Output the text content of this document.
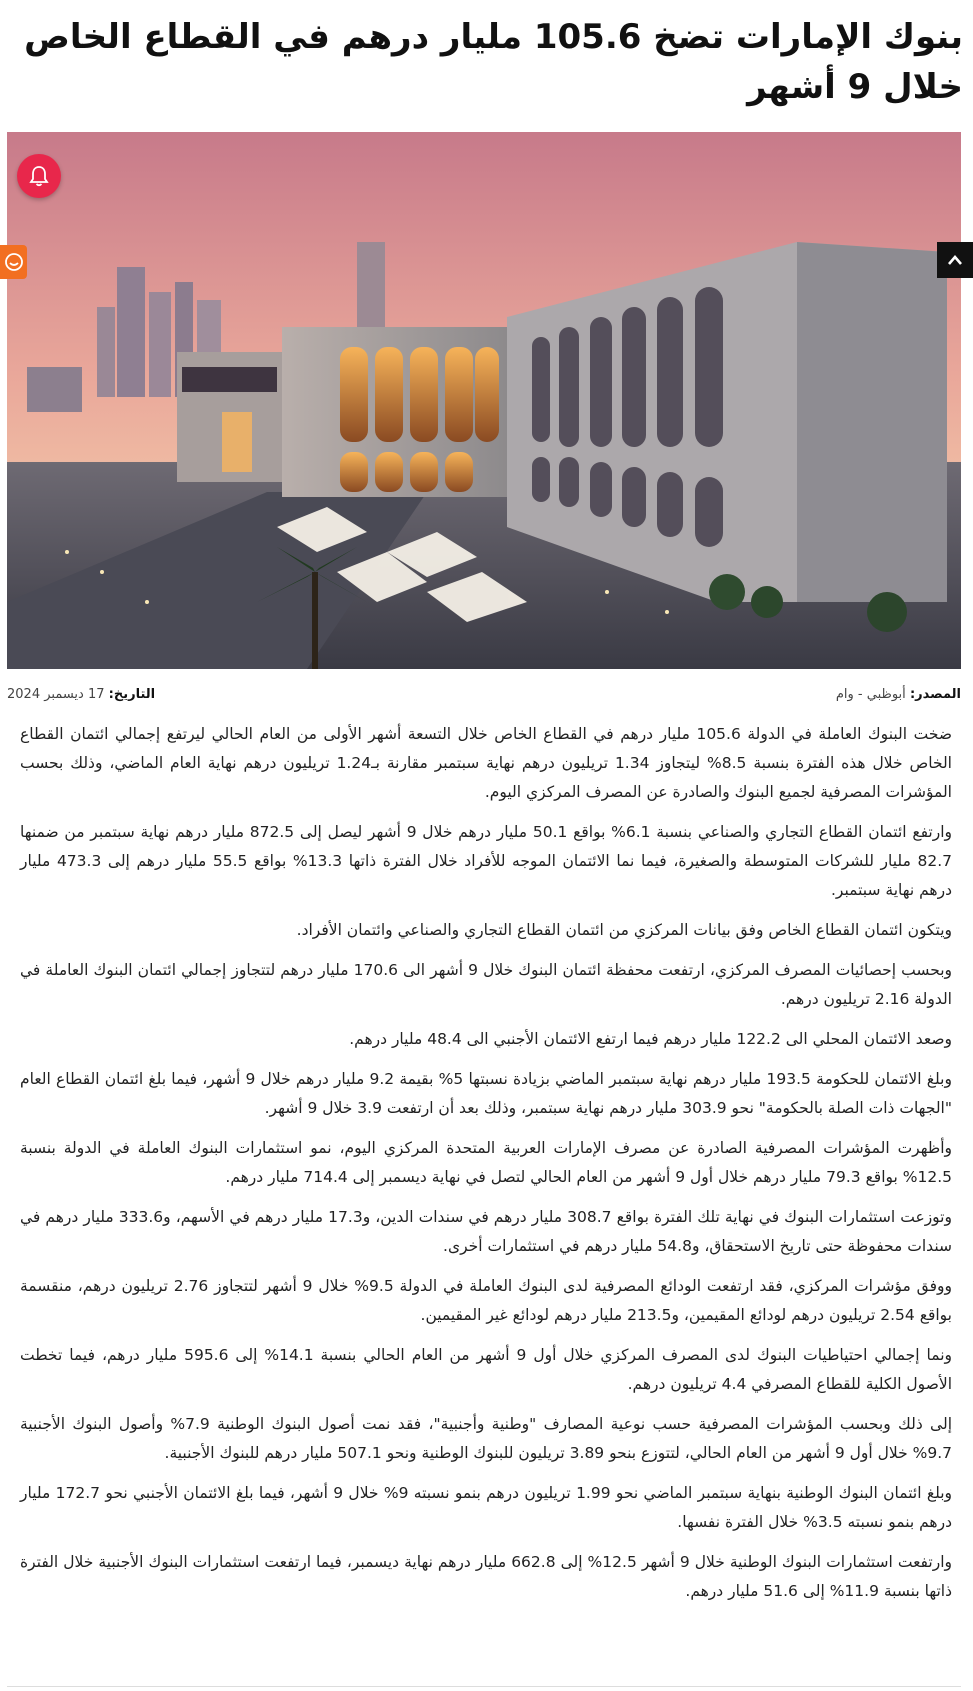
بنوك الإمارات تضخ 105.6 مليار درهم في القطاع الخاص خلال 9 أشهر
المصدر: أبوظبي - وام
التاريخ: 17 ديسمبر 2024

ضخت البنوك العاملة في الدولة 105.6 مليار درهم في القطاع الخاص خلال التسعة أشهر الأولى من العام الحالي ليرتفع إجمالي ائتمان القطاع الخاص خلال هذه الفترة بنسبة 8.5% ليتجاوز 1.34 تريليون درهم نهاية سبتمبر مقارنة بـ1.24 تريليون درهم نهاية العام الماضي، وذلك بحسب المؤشرات المصرفية لجميع البنوك والصادرة عن المصرف المركزي اليوم.

وارتفع ائتمان القطاع التجاري والصناعي بنسبة 6.1% بواقع 50.1 مليار درهم خلال 9 أشهر ليصل إلى 872.5 مليار درهم نهاية سبتمبر من ضمنها 82.7 مليار للشركات المتوسطة والصغيرة، فيما نما الائتمان الموجه للأفراد خلال الفترة ذاتها 13.3% بواقع 55.5 مليار درهم إلى 473.3 مليار درهم نهاية سبتمبر.

ويتكون ائتمان القطاع الخاص وفق بيانات المركزي من ائتمان القطاع التجاري والصناعي وائتمان الأفراد.

وبحسب إحصائيات المصرف المركزي، ارتفعت محفظة ائتمان البنوك خلال 9 أشهر الى 170.6 مليار درهم لتتجاوز إجمالي ائتمان البنوك العاملة في الدولة 2.16 تريليون درهم.

وصعد الائتمان المحلي الى 122.2 مليار درهم فيما ارتفع الائتمان الأجنبي الى 48.4 مليار درهم.

وبلغ الائتمان للحكومة 193.5 مليار درهم نهاية سبتمبر الماضي بزيادة نسبتها 5% بقيمة 9.2 مليار درهم خلال 9 أشهر، فيما بلغ ائتمان القطاع العام "الجهات ذات الصلة بالحكومة" نحو 303.9 مليار درهم نهاية سبتمبر، وذلك بعد أن ارتفعت 3.9 خلال 9 أشهر.

وأظهرت المؤشرات المصرفية الصادرة عن مصرف الإمارات العربية المتحدة المركزي اليوم، نمو استثمارات البنوك العاملة في الدولة بنسبة 12.5% بواقع 79.3 مليار درهم خلال أول 9 أشهر من العام الحالي لتصل في نهاية ديسمبر إلى 714.4 مليار درهم.

وتوزعت استثمارات البنوك في نهاية تلك الفترة بواقع 308.7 مليار درهم في سندات الدين، و17.3 مليار درهم في الأسهم، و333.6 مليار درهم في سندات محفوظة حتى تاريخ الاستحقاق، و54.8 مليار درهم في استثمارات أخرى.

ووفق مؤشرات المركزي، فقد ارتفعت الودائع المصرفية لدى البنوك العاملة في الدولة 9.5% خلال 9 أشهر لتتجاوز 2.76 تريليون درهم، منقسمة بواقع 2.54 تريليون درهم لودائع المقيمين، و213.5 مليار درهم لودائع غير المقيمين.

ونما إجمالي احتياطيات البنوك لدى المصرف المركزي خلال أول 9 أشهر من العام الحالي بنسبة 14.1% إلى 595.6 مليار درهم، فيما تخطت الأصول الكلية للقطاع المصرفي 4.4 تريليون درهم.

إلى ذلك وبحسب المؤشرات المصرفية حسب نوعية المصارف "وطنية وأجنبية"، فقد نمت أصول البنوك الوطنية 7.9% وأصول البنوك الأجنبية 9.7% خلال أول 9 أشهر من العام الحالي، لتتوزع بنحو 3.89 تريليون للبنوك الوطنية ونحو 507.1 مليار درهم للبنوك الأجنبية.

وبلغ ائتمان البنوك الوطنية بنهاية سبتمبر الماضي نحو 1.99 تريليون درهم بنمو نسبته 9% خلال 9 أشهر، فيما بلغ الائتمان الأجنبي نحو 172.7 مليار درهم بنمو نسبته 3.5% خلال الفترة نفسها.

وارتفعت استثمارات البنوك الوطنية خلال 9 أشهر 12.5% إلى 662.8 مليار درهم نهاية ديسمبر، فيما ارتفعت استثمارات البنوك الأجنبية خلال الفترة ذاتها بنسبة 11.9% إلى 51.6 مليار درهم.
